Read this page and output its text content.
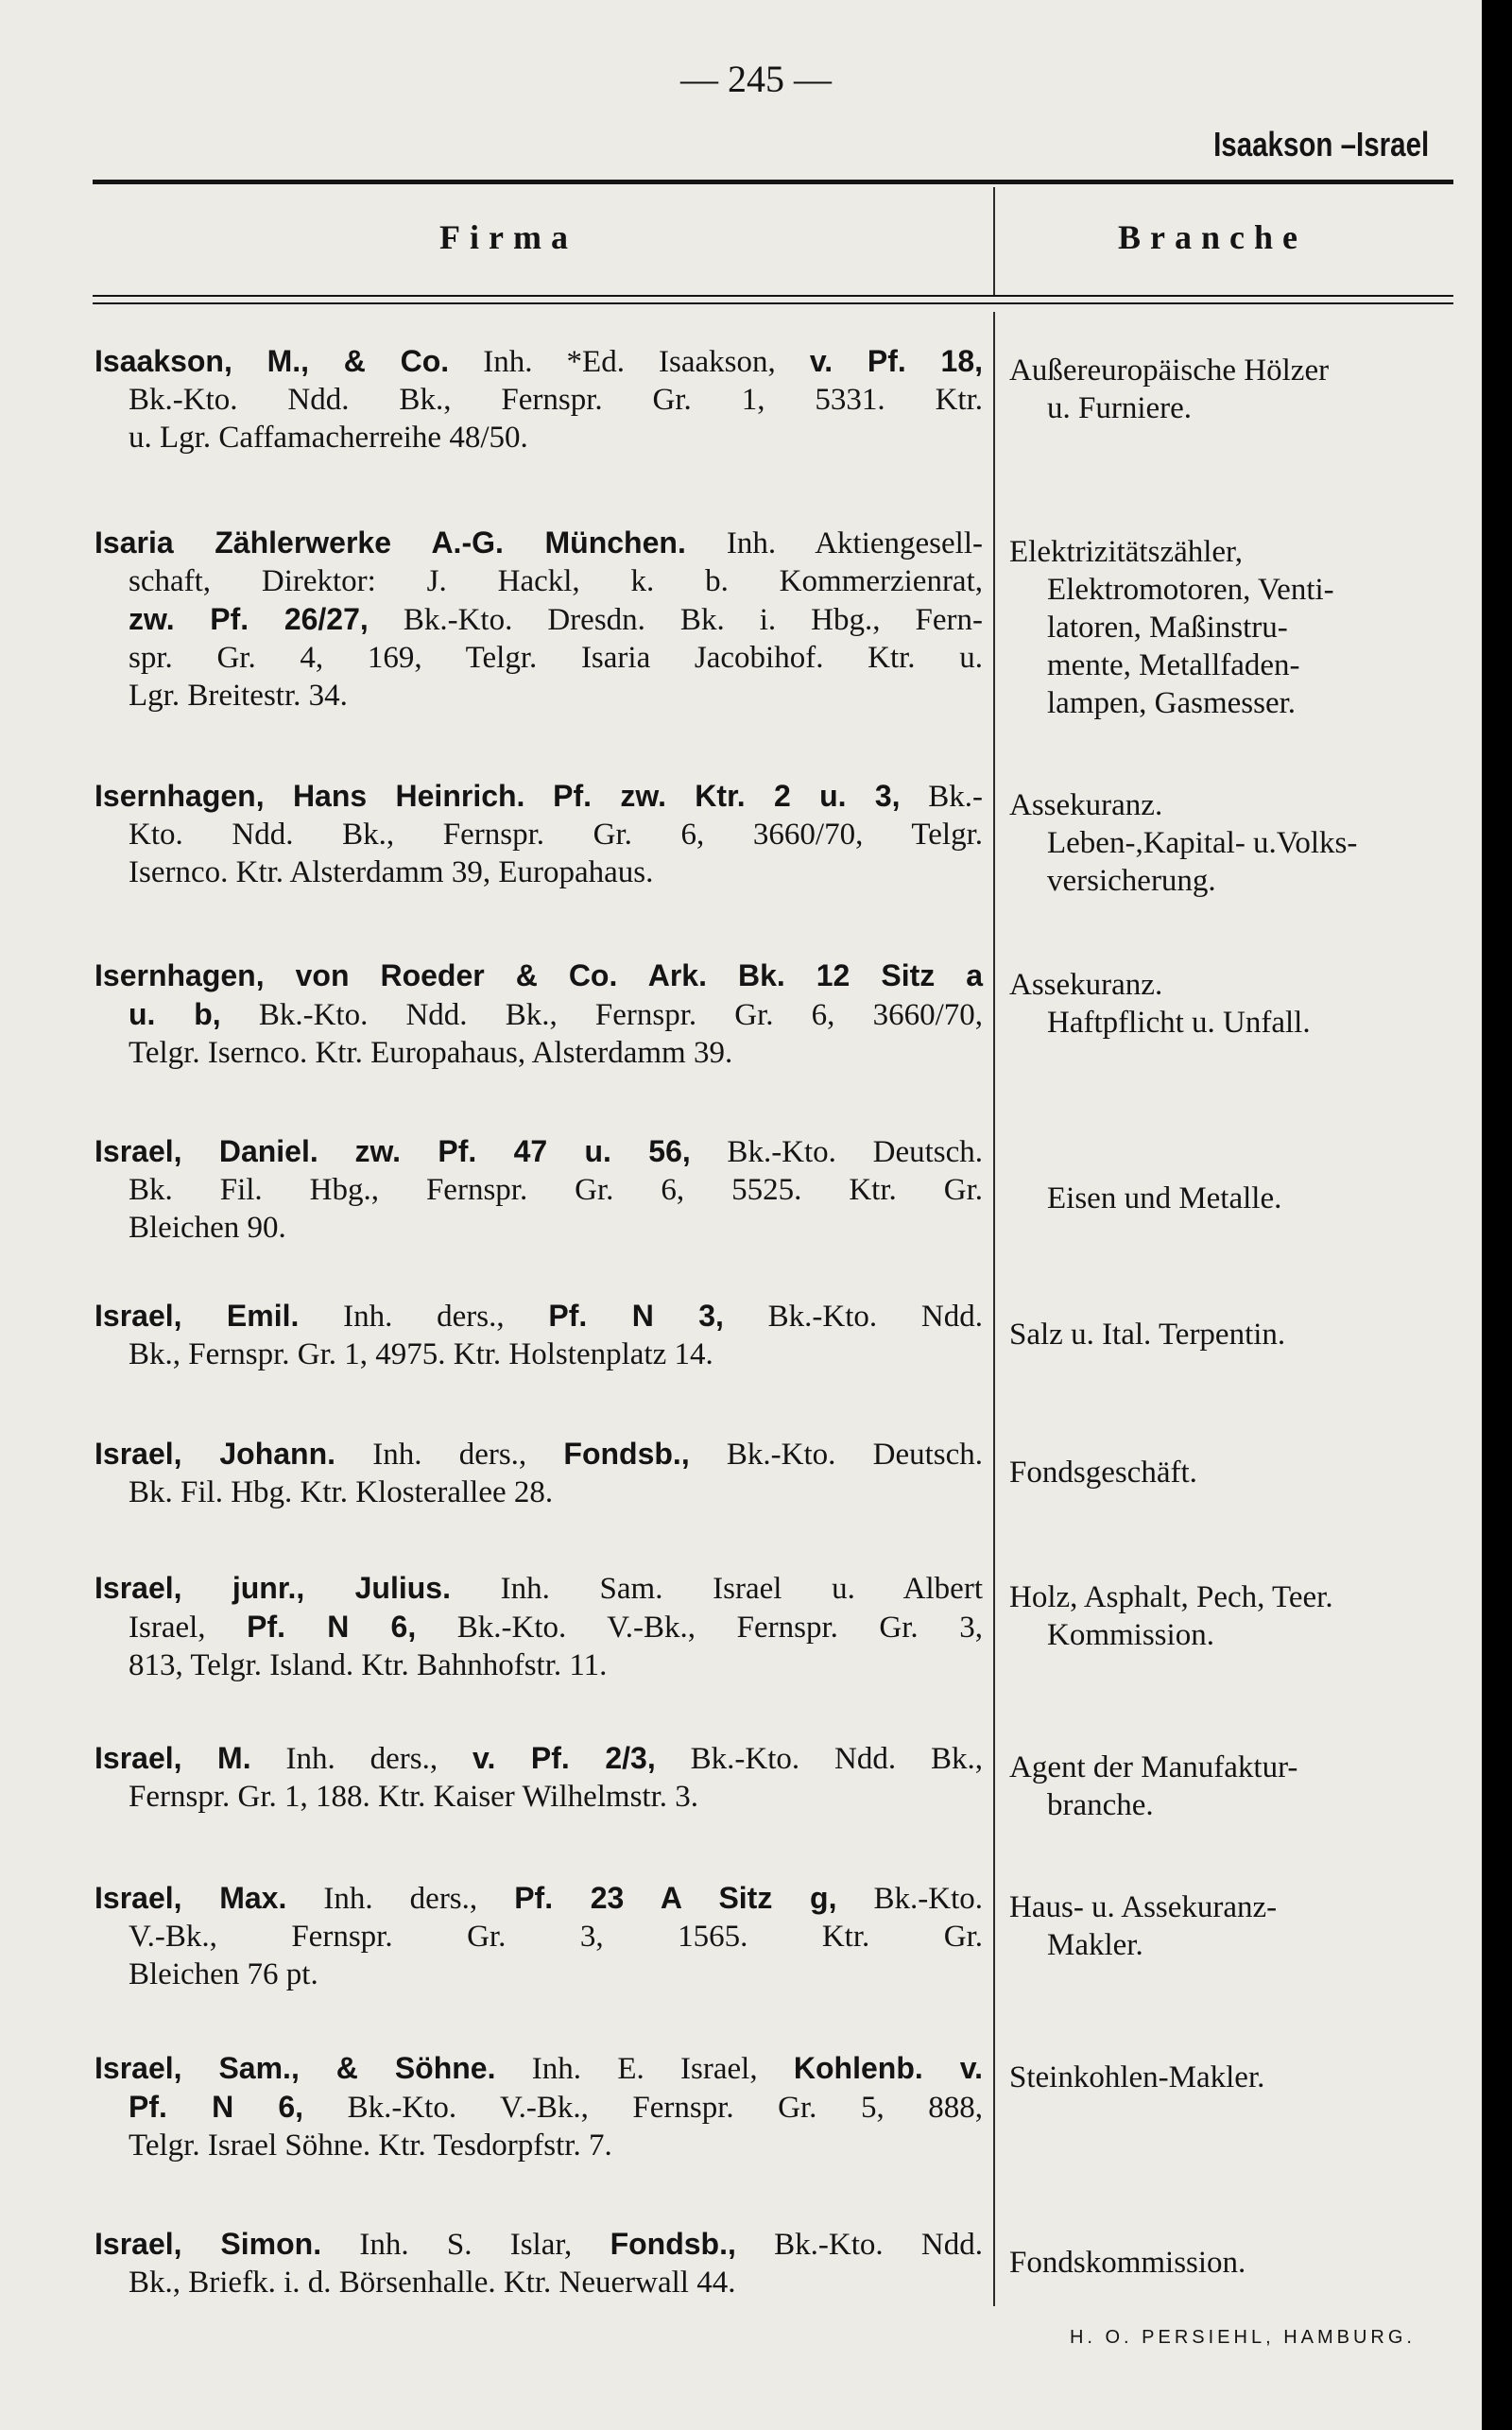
— 245 —
Isaakson –Israel
Firma	Branche
Isaakson, M., & Co. Inh. *Ed. Isaakson, v. Pf. 18,
Bk.-Kto. Ndd. Bk., Fernspr. Gr. 1, 5331. Ktr.
u. Lgr. Caffamacherreihe 48/50.
Außereuropäische Hölzer
u. Furniere.
Isaria Zählerwerke A.-G. München. Inh. Aktiengesell-
schaft, Direktor: J. Hackl, k. b. Kommerzienrat,
zw. Pf. 26/27, Bk.-Kto. Dresdn. Bk. i. Hbg., Fern-
spr. Gr. 4, 169, Telgr. Isaria Jacobihof. Ktr. u.
Lgr. Breitestr. 34.
Elektrizitätszähler,
Elektromotoren, Venti-
latoren, Maßinstru-
mente, Metallfaden-
lampen, Gasmesser.
Isernhagen, Hans Heinrich. Pf. zw. Ktr. 2 u. 3, Bk.-
Kto. Ndd. Bk., Fernspr. Gr. 6, 3660/70, Telgr.
Isernco. Ktr. Alsterdamm 39, Europahaus.
Assekuranz.
Leben-,Kapital- u.Volks-
versicherung.
Isernhagen, von Roeder & Co. Ark. Bk. 12 Sitz a
u. b, Bk.-Kto. Ndd. Bk., Fernspr. Gr. 6, 3660/70,
Telgr. Isernco. Ktr. Europahaus, Alsterdamm 39.
Assekuranz.
Haftpflicht u. Unfall.
Israel, Daniel. zw. Pf. 47 u. 56, Bk.-Kto. Deutsch.
Bk. Fil. Hbg., Fernspr. Gr. 6, 5525. Ktr. Gr.
Bleichen 90.

Eisen und Metalle.
Israel, Emil. Inh. ders., Pf. N 3, Bk.-Kto. Ndd.
Bk., Fernspr. Gr. 1, 4975. Ktr. Holstenplatz 14.
Salz u. Ital. Terpentin.
Israel, Johann. Inh. ders., Fondsb., Bk.-Kto. Deutsch.
Bk. Fil. Hbg. Ktr. Klosterallee 28.
Fondsgeschäft.
Israel, junr., Julius. Inh. Sam. Israel u. Albert
Israel, Pf. N 6, Bk.-Kto. V.-Bk., Fernspr. Gr. 3,
813, Telgr. Island. Ktr. Bahnhofstr. 11.
Holz, Asphalt, Pech, Teer.
Kommission.
Israel, M. Inh. ders., v. Pf. 2/3, Bk.-Kto. Ndd. Bk.,
Fernspr. Gr. 1, 188. Ktr. Kaiser Wilhelmstr. 3.
Agent der Manufaktur-
branche.
Israel, Max. Inh. ders., Pf. 23 A Sitz g, Bk.-Kto.
V.-Bk., Fernspr. Gr. 3, 1565. Ktr. Gr.
Bleichen 76 pt.
Haus- u. Assekuranz-
Makler.
Israel, Sam., & Söhne. Inh. E. Israel, Kohlenb. v.
Pf. N 6, Bk.-Kto. V.-Bk., Fernspr. Gr. 5, 888,
Telgr. Israel Söhne. Ktr. Tesdorpfstr. 7.
Steinkohlen-Makler.
Israel, Simon. Inh. S. Islar, Fondsb., Bk.-Kto. Ndd.
Bk., Briefk. i. d. Börsenhalle. Ktr. Neuerwall 44.
Fondskommission.
H. O. PERSIEHL, HAMBURG.
